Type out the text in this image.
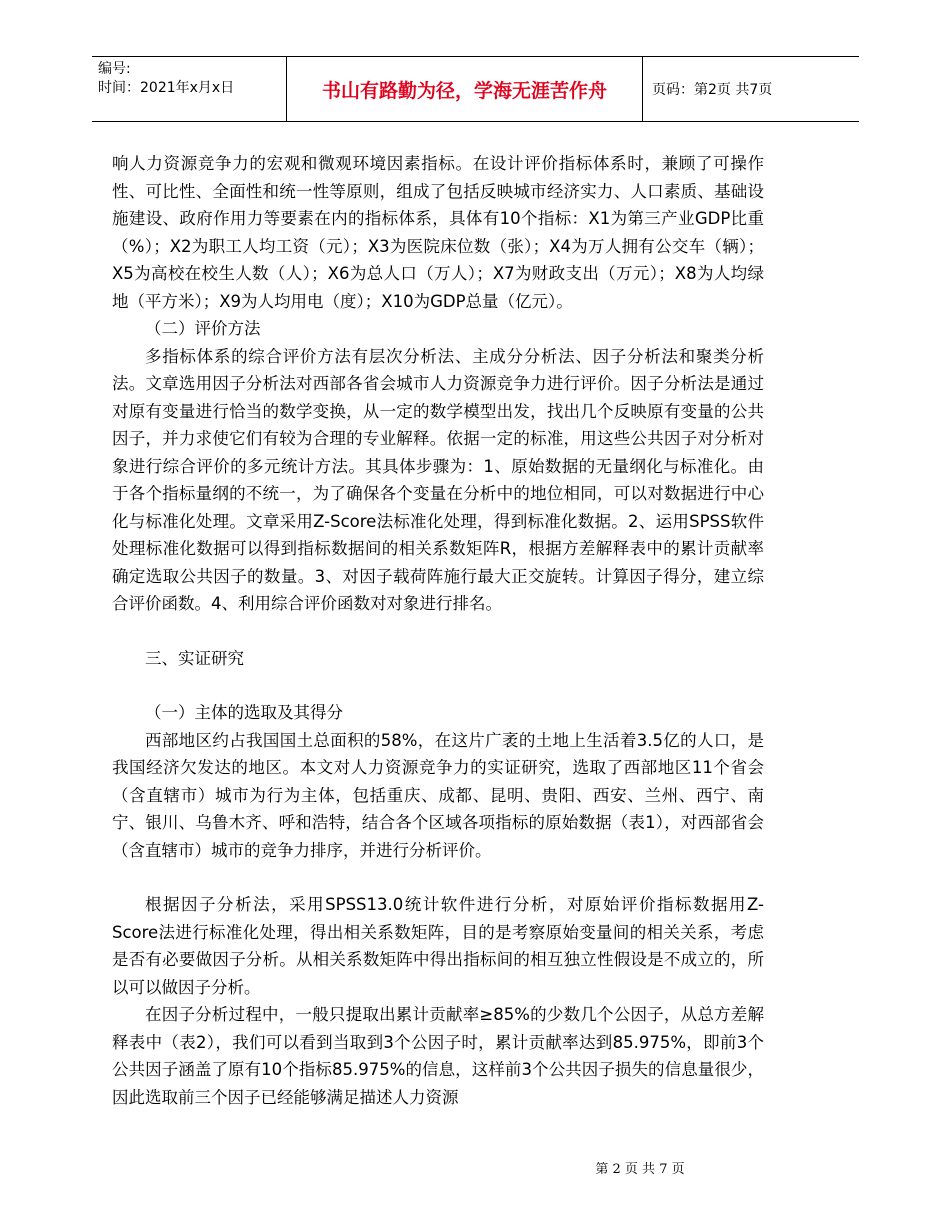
编号:
时间：2021年x月x日	书山有路勤为径，学海无涯苦作舟	页码：第2页 共7页

响人力资源竞争力的宏观和微观环境因素指标。在设计评价指标体系时，兼顾了可操作性、可比性、全面性和统一性等原则，组成了包括反映城市经济实力、人口素质、基础设施建设、政府作用力等要素在内的指标体系，具体有10个指标：X1为第三产业GDP比重（%）；X2为职工人均工资（元）；X3为医院床位数（张）；X4为万人拥有公交车（辆）；X5为高校在校生人数（人）；X6为总人口（万人）；X7为财政支出（万元）；X8为人均绿地（平方米）；X9为人均用电（度）；X10为GDP总量（亿元）。

（二）评价方法

多指标体系的综合评价方法有层次分析法、主成分分析法、因子分析法和聚类分析法。文章选用因子分析法对西部各省会城市人力资源竞争力进行评价。因子分析法是通过对原有变量进行恰当的数学变换，从一定的数学模型出发，找出几个反映原有变量的公共因子，并力求使它们有较为合理的专业解释。依据一定的标准，用这些公共因子对分析对象进行综合评价的多元统计方法。其具体步骤为：1、原始数据的无量纲化与标准化。由于各个指标量纲的不统一，为了确保各个变量在分析中的地位相同，可以对数据进行中心化与标准化处理。文章采用Z-Score法标准化处理，得到标准化数据。2、运用SPSS软件处理标准化数据可以得到指标数据间的相关系数矩阵R，根据方差解释表中的累计贡献率确定选取公共因子的数量。3、对因子载荷阵施行最大正交旋转。计算因子得分，建立综合评价函数。4、利用综合评价函数对对象进行排名。

三、实证研究

（一）主体的选取及其得分

西部地区约占我国国土总面积的58%，在这片广袤的土地上生活着3.5亿的人口，是我国经济欠发达的地区。本文对人力资源竞争力的实证研究，选取了西部地区11个省会（含直辖市）城市为行为主体，包括重庆、成都、昆明、贵阳、西安、兰州、西宁、南宁、银川、乌鲁木齐、呼和浩特，结合各个区域各项指标的原始数据（表1），对西部省会（含直辖市）城市的竞争力排序，并进行分析评价。

根据因子分析法，采用SPSS13.0统计软件进行分析，对原始评价指标数据用Z-Score法进行标准化处理，得出相关系数矩阵，目的是考察原始变量间的相关关系，考虑是否有必要做因子分析。从相关系数矩阵中得出指标间的相互独立性假设是不成立的，所以可以做因子分析。

在因子分析过程中，一般只提取出累计贡献率≥85%的少数几个公因子，从总方差解释表中（表2），我们可以看到当取到3个公因子时，累计贡献率达到85.975%，即前3个公共因子涵盖了原有10个指标85.975%的信息，这样前3个公共因子损失的信息量很少，因此选取前三个因子已经能够满足描述人力资源

第 2 页 共 7 页
